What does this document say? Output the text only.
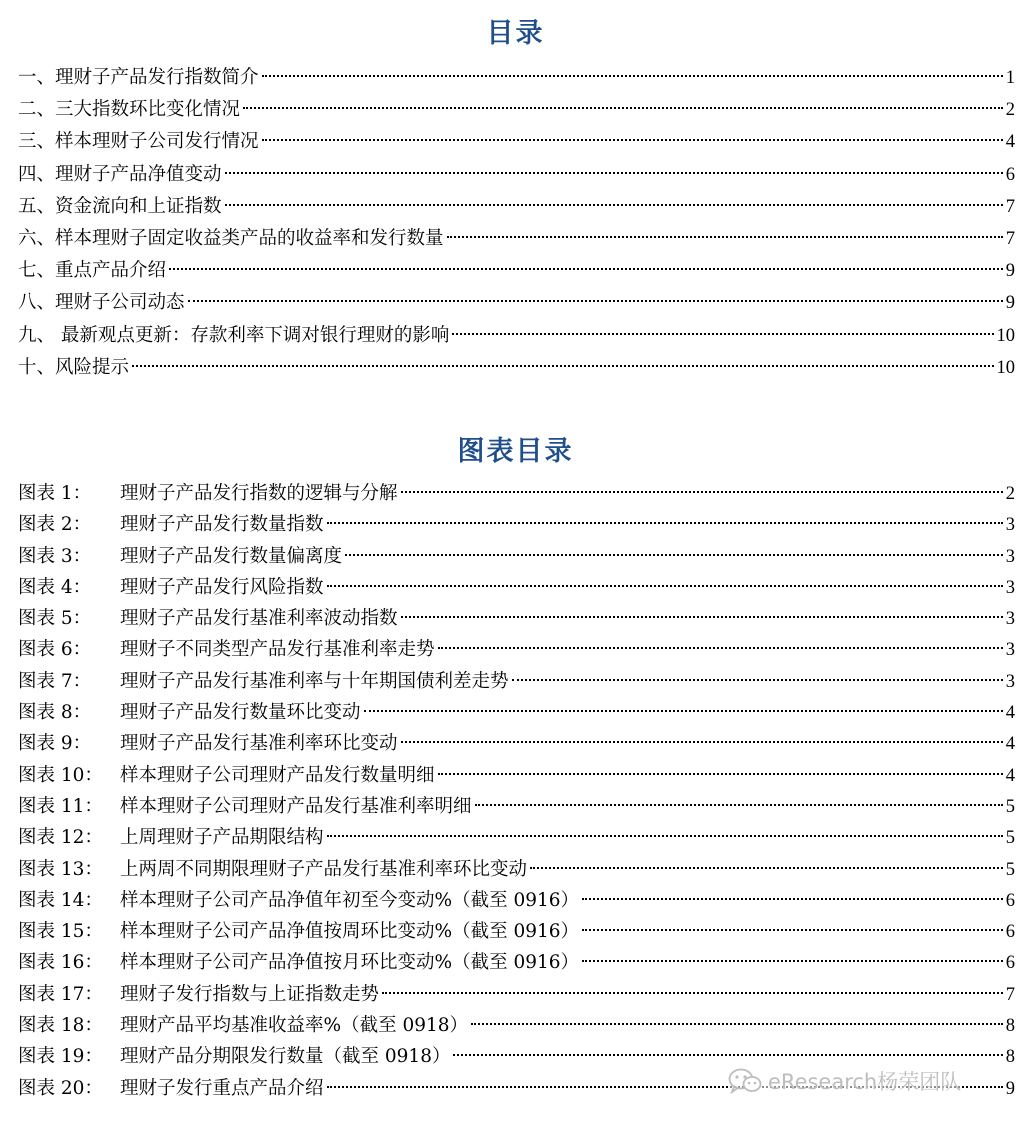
目录
一、理财子产品发行指数简介	1
二、三大指数环比变化情况	2
三、样本理财子公司发行情况	4
四、理财子产品净值变动	6
五、资金流向和上证指数	7
六、样本理财子固定收益类产品的收益率和发行数量	7
七、重点产品介绍	9
八、理财子公司动态	9
九、 最新观点更新：存款利率下调对银行理财的影响	10
十、风险提示	10
图表目录
图表 1：	理财子产品发行指数的逻辑与分解	2
图表 2：	理财子产品发行数量指数	3
图表 3：	理财子产品发行数量偏离度	3
图表 4：	理财子产品发行风险指数	3
图表 5：	理财子产品发行基准利率波动指数	3
图表 6：	理财子不同类型产品发行基准利率走势	3
图表 7：	理财子产品发行基准利率与十年期国债利差走势	3
图表 8：	理财子产品发行数量环比变动	4
图表 9：	理财子产品发行基准利率环比变动	4
图表 10： 样本理财子公司理财产品发行数量明细	4
图表 11： 样本理财子公司理财产品发行基准利率明细	5
图表 12： 上周理财子产品期限结构	5
图表 13： 上两周不同期限理财子产品发行基准利率环比变动	5
图表 14： 样本理财子公司产品净值年初至今变动%（截至 0916）	6
图表 15： 样本理财子公司产品净值按周环比变动%（截至 0916）	6
图表 16： 样本理财子公司产品净值按月环比变动%（截至 0916）	6
图表 17： 理财子发行指数与上证指数走势	7
图表 18： 理财产品平均基准收益率%（截至 0918）	8
图表 19： 理财产品分期限发行数量（截至 0918）	8
图表 20： 理财子发行重点产品介绍	9
eResearch杨荣团队
